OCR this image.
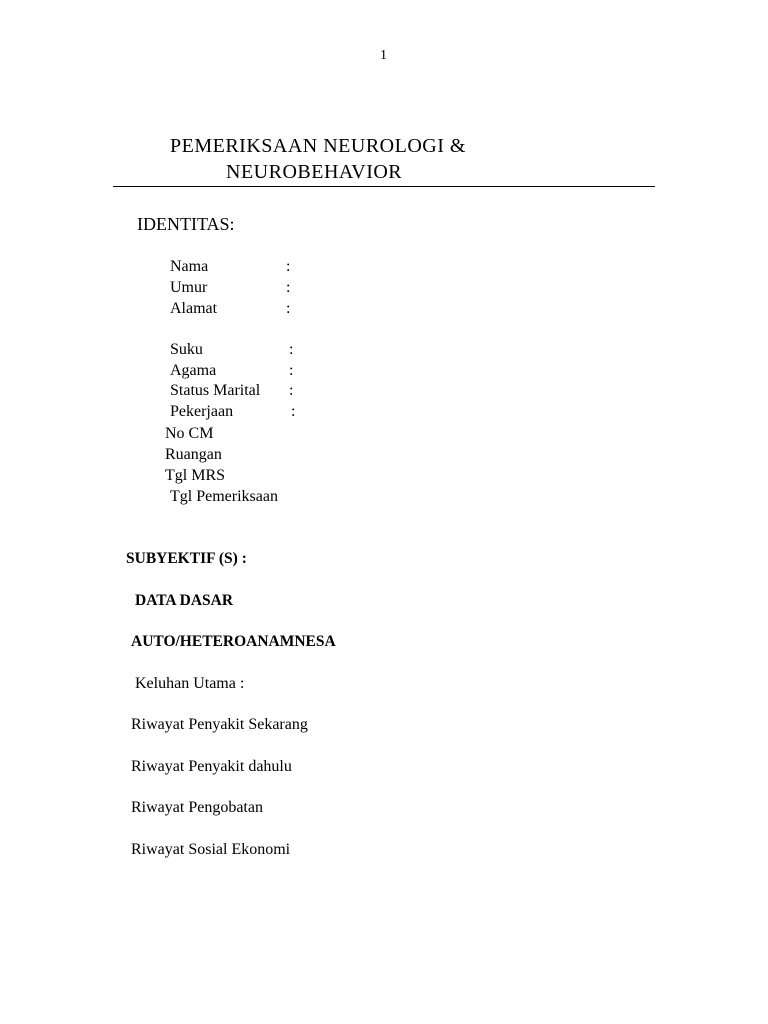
1
PEMERIKSAAN NEUROLOGI &
NEUROBEHAVIOR
IDENTITAS:
Nama	:
Umur	:
Alamat	:
Suku	:
Agama	:
Status Marital :
Pekerjaan	:
No CM
Ruangan
Tgl MRS
Tgl Pemeriksaan
SUBYEKTIF (S) :
DATA DASAR
AUTO/HETEROANAMNESA
Keluhan Utama :
Riwayat Penyakit Sekarang
Riwayat Penyakit dahulu
Riwayat Pengobatan
Riwayat Sosial Ekonomi
